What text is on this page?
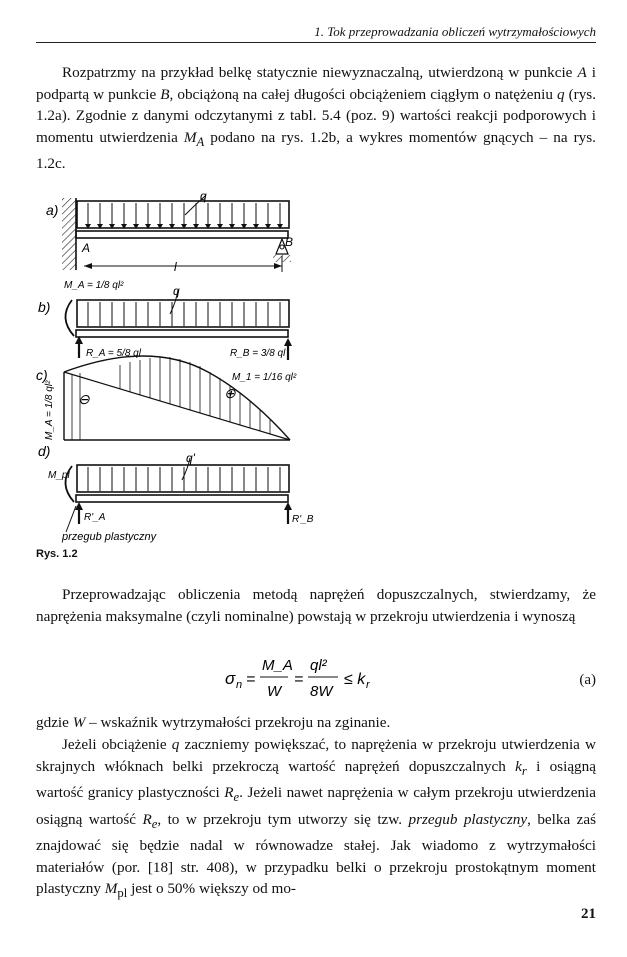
1. Tok przeprowadzania obliczeń wytrzymałościowych

Rozpatrzmy na przykład belkę statycznie niewyznaczalną, utwierdzoną w punkcie A i podpartą w punkcie B, obciążoną na całej długości obciążeniem ciągłym o natężeniu q (rys. 1.2a). Zgodnie z danymi odczytanymi z tabl. 5.4 (poz. 9) wartości reakcji podporowych i momentu utwierdzenia $M_A$ podano na rys. 1.2b, a wykres momentów gnących – na rys. 1.2c.

a)
q
A	B
l
b)
M_A = 1/8 ql²	q
R_A = 5/8 ql	R_B = 3/8 ql
c)
⊖	⊕
M_1 = 1/16 ql²
M_A = 1/8 ql²
d)
M_pl
q'
R'_A	R'_B
przegub plastyczny
Rys. 1.2

Przeprowadzając obliczenia metodą naprężeń dopuszczalnych, stwierdzamy, że naprężenia maksymalne (czyli nominalne) powstają w przekroju utwierdzenia i wynoszą

σ n =
M_A
W
=
ql²
8W
≤ k r	(a)

gdzie W – wskaźnik wytrzymałości przekroju na zginanie.

Jeżeli obciążenie q zaczniemy powiększać, to naprężenia w przekroju utwierdzenia w skrajnych włóknach belki przekroczą wartość naprężeń dopuszczalnych $k_r$ i osiągną wartość granicy plastyczności $R_e$. Jeżeli nawet naprężenia w całym przekroju utwierdzenia osiągną wartość $R_e$, to w przekroju tym utworzy się tzw. przegub plastyczny, belka zaś znajdować się będzie nadal w równowadze stałej. Jak wiadomo z wytrzymałości materiałów (por. [18] str. 408), w przypadku belki o przekroju prostokątnym moment plastyczny $M_{pl}$ jest o 50% większy od mo-

21
